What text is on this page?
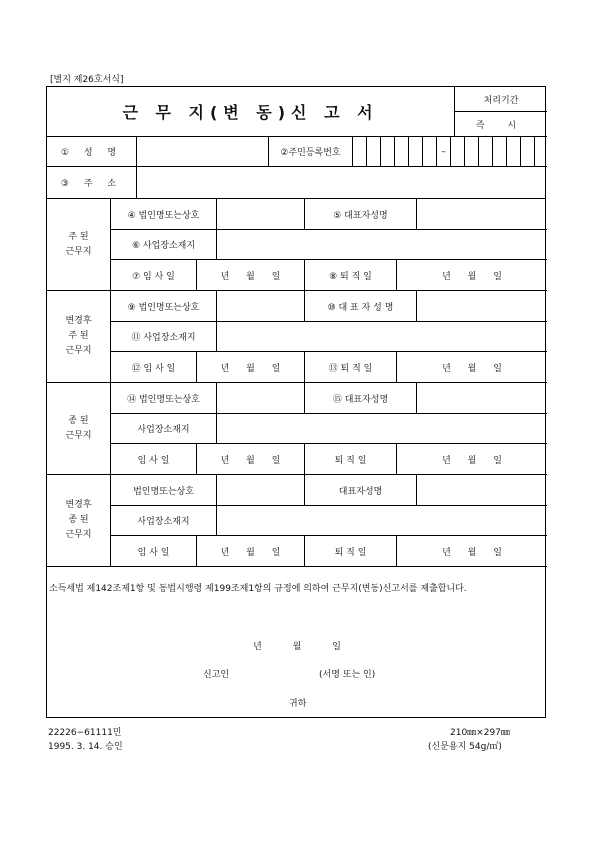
[별지 제26호서식]
근 무 지(변 동)신 고 서
처리기간
즉 시
① 성 명	②주민등록번호	–
③ 주 소
주 된
근무지
④ 법인명또는상호	⑤ 대표자성명
⑥ 사업장소재지
⑦ 임 사 일	년 월 일	⑧ 퇴 직 일	년 월 일
변경후
주 된
근무지
⑨ 법인명또는상호	⑩ 대 표 자 성 명
⑪ 사업장소재지
⑫ 임 사 일	년 월 일	⑬ 퇴 직 일	년 월 일
종 된
근무지
⑭ 법인명또는상호	⑮ 대표자성명
사업장소재지
임 사 일	년 월 일	퇴 직 일	년 월 일
변경후
종 된
근무지
법인명또는상호	대표자성명
사업장소재지
임 사 일	년 월 일	퇴 직 일	년 월 일
소득세법 제142조제1항 및 동법시행령 제199조제1항의 규정에 의하여 근무지(변동)신고서를 제출합니다.
년 월 일
신고인	(서명 또는 인)
귀하
22226−61111민
1995. 3. 14. 승인
210㎜×297㎜
(신문용지 54g/㎡)
